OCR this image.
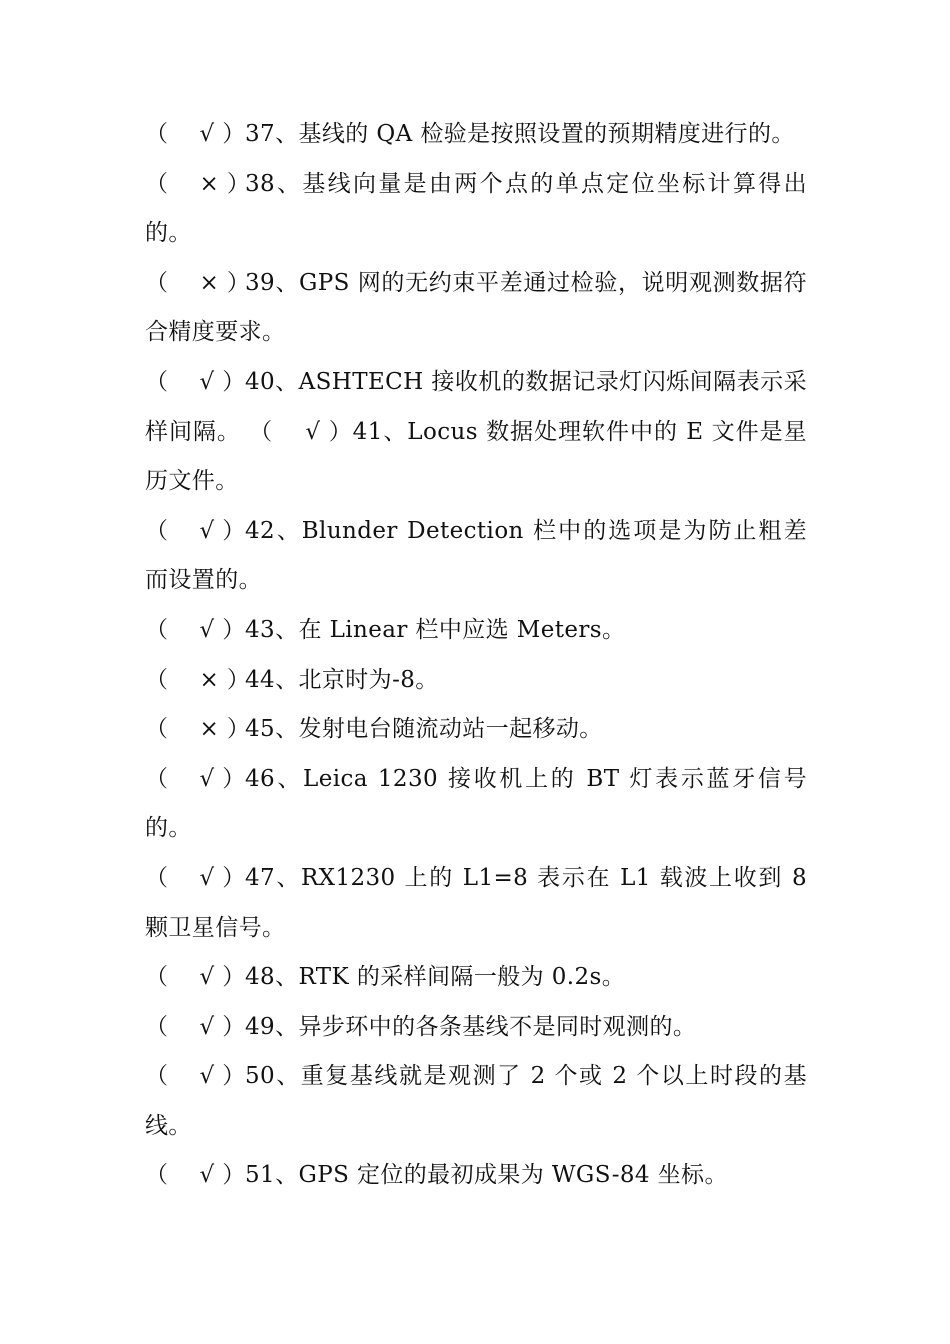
（　 √ ）37、基线的 QA 检验是按照设置的预期精度进行的。

（　 × ）38、基线向量是由两个点的单点定位坐标计算得出的。

（　 × ）39、GPS 网的无约束平差通过检验，说明观测数据符合精度要求。

（　 √ ）40、ASHTECH 接收机的数据记录灯闪烁间隔表示采样间隔。 （　 √ ）41、Locus 数据处理软件中的 E 文件是星历文件。

（　 √ ）42、Blunder Detection 栏中的选项是为防止粗差而设置的。

（　 √ ）43、在 Linear 栏中应选 Meters。

（　 × ）44、北京时为-8。

（　 × ）45、发射电台随流动站一起移动。

（　 √ ）46、Leica 1230 接收机上的 BT 灯表示蓝牙信号的。

（　 √ ）47、RX1230 上的 L1=8 表示在 L1 载波上收到 8 颗卫星信号。

（　 √ ）48、RTK 的采样间隔一般为 0.2s。

（　 √ ）49、异步环中的各条基线不是同时观测的。

（　 √ ）50、重复基线就是观测了 2 个或 2 个以上时段的基线。

（　 √ ）51、GPS 定位的最初成果为 WGS-84 坐标。
